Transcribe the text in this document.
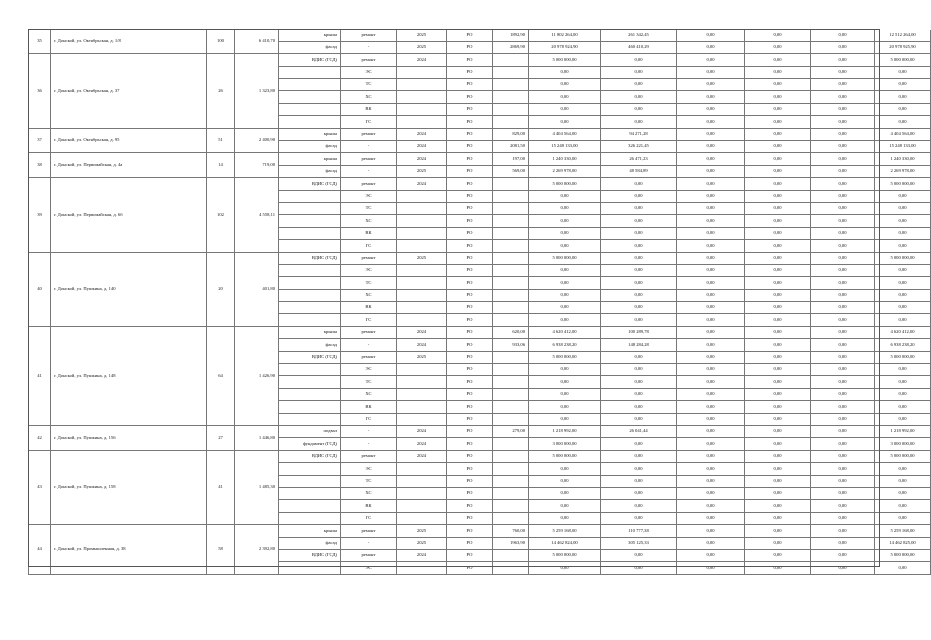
35	г. Донской, ул. Октябрьская, д. 1/8	100	6 410,70	крыша	ремонт	2025	РО	1892,90	11 802 264,00	261 342,45	0,00	0,00	0,00	12 512 264,00
				фасад	-	2025	РО	2869,90	20 978 924,90	460 410,29	0,00	0,00	0,00	20 978 925,90
36	г. Донской, ул. Октябрьская, д. 37	26	1 323,80	ВДИС (ГСД)	ремонт	2024	РО		5 000 000,00	0,00	0,00	0,00	0,00	5 000 000,00
					ЭС		РО		0,00	0,00	0,00	0,00	0,00	0,00
					ТС		РО		0,00	0,00	0,00	0,00	0,00	0,00
					ХС		РО		0,00	0,00	0,00	0,00	0,00	0,00
					ВК		РО		0,00	0,00	0,00	0,00	0,00	0,00
					ГС		РО		0,00	0,00	0,00	0,00	0,00	0,00
37	г. Донской, ул. Октябрьская, д. 95	51	2 400,90	крыша	ремонт	2024	РО	829,00	4 404 564,00	94 271,28	0,00	0,00	0,00	4 404 564,00
				фасад	-	2024	РО	2081,50	15 248 133,00	326 221,45	0,00	0,00	0,00	15 248 133,00
38	г. Донской, ул. Первомайская, д. 4а	14	719,00	крыша	ремонт	2024	РО	197,00	1 240 330,00	26 471,23	0,00	0,00	0,00	1 240 330,00
				фасад	-	2025	РО	569,00	2 269 978,00	48 584,89	0,00	0,00	0,00	2 269 978,00
39	г. Донской, ул. Первомайская, д. 6б	102	4 558,11	ВДИС (ГСД)	ремонт	2024	РО		5 000 000,00	0,00	0,00	0,00	0,00	5 000 000,00
					ЭС		РО		0,00	0,00	0,00	0,00	0,00	0,00
					ТС		РО		0,00	0,00	0,00	0,00	0,00	0,00
					ХС		РО		0,00	0,00	0,00	0,00	0,00	0,00
					ВК		РО		0,00	0,00	0,00	0,00	0,00	0,00
					ГС		РО		0,00	0,00	0,00	0,00	0,00	0,00
40	г. Донской, ул. Пушкина, д. 140	20	401,80	ВДИС (ГСД)	ремонт	2025	РО		5 000 000,00	0,00	0,00	0,00	0,00	5 000 000,00
					ЭС		РО		0,00	0,00	0,00	0,00	0,00	0,00
					ТС		РО		0,00	0,00	0,00	0,00	0,00	0,00
					ХС		РО		0,00	0,00	0,00	0,00	0,00	0,00
					ВК		РО		0,00	0,00	0,00	0,00	0,00	0,00
					ГС		РО		0,00	0,00	0,00	0,00	0,00	0,00
41	г. Донской, ул. Пушкина, д. 148	64	1 426,90	крыша	ремонт	2024	РО	620,00	4 620 412,00	100 289,78	0,00	0,00	0,00	4 620 412,00
				фасад	-	2024	РО	933,06	6 938 238,20	148 284,28	0,00	0,00	0,00	6 938 238,20
				ВДИС (ГСД)	ремонт	2025	РО		5 000 000,00	0,00	0,00	0,00	0,00	5 000 000,00
					ЭС		РО		0,00	0,00	0,00	0,00	0,00	0,00
					ТС		РО		0,00	0,00	0,00	0,00	0,00	0,00
					ХС		РО		0,00	0,00	0,00	0,00	0,00	0,00
					ВК		РО		0,00	0,00	0,00	0,00	0,00	0,00
					ГС		РО		0,00	0,00	0,00	0,00	0,00	0,00
42	г. Донской, ул. Пушкина, д. 156	27	1 446,80	подвал	-	2024	РО	279,00	1 218 992,00	26 041,44	0,00	0,00	0,00	1 218 992,00
				фундамент (ГСД)	-	2024	РО		3 000 000,00	0,00	0,00	0,00	0,00	3 000 000,00
43	г. Донской, ул. Пушкина, д. 158	41	1 485,30	ВДИС (ГСД)	ремонт	2024	РО		5 000 000,00	0,00	0,00	0,00	0,00	5 000 000,00
					ЭС		РО		0,00	0,00	0,00	0,00	0,00	0,00
					ТС		РО		0,00	0,00	0,00	0,00	0,00	0,00
					ХС		РО		0,00	0,00	0,00	0,00	0,00	0,00
					ВК		РО		0,00	0,00	0,00	0,00	0,00	0,00
					ГС		РО		0,00	0,00	0,00	0,00	0,00	0,00
44	г. Донской, ул. Промышленная, д. 38	58	2 392,80	крыша	ремонт	2025	РО	760,00	5 259 168,00	110 777,38	0,00	0,00	0,00	5 259 168,00
				фасад	-	2025	РО	1963,90	14 462 824,00	305 125,33	0,00	0,00	0,00	14 462 825,00
				ВДИС (ГСД)	ремонт	2024	РО		5 000 000,00	0,00	0,00	0,00	0,00	5 000 000,00
					ЭС		РО		0,00	0,00	0,00	0,00	0,00	0,00
